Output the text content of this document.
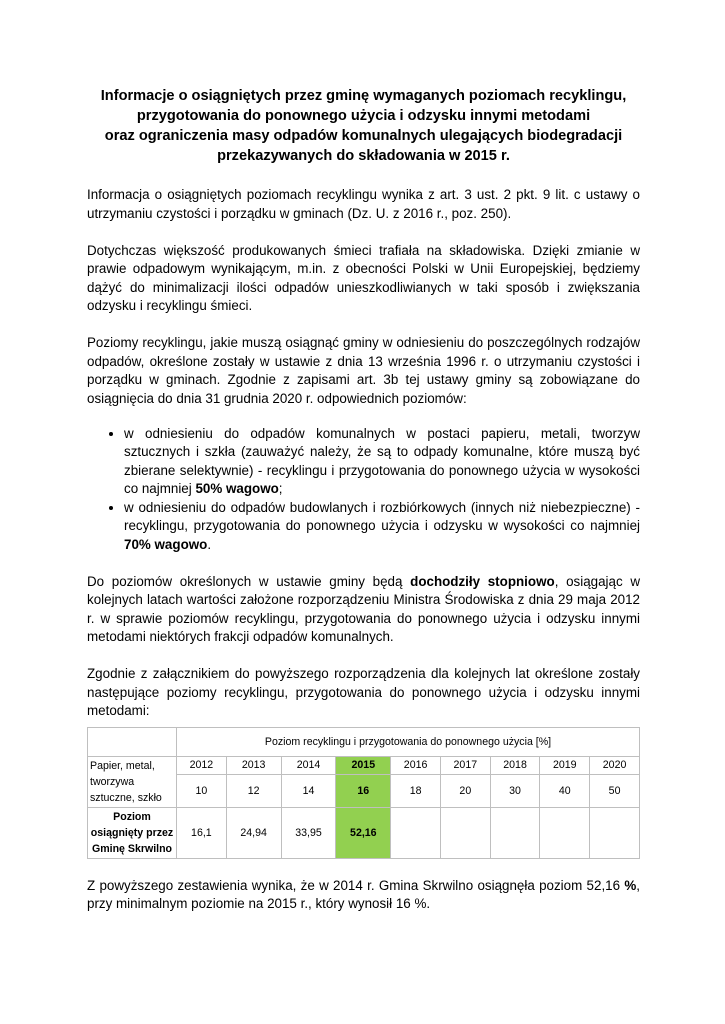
Informacje o osiągniętych przez gminę wymaganych poziomach recyklingu,
przygotowania do ponownego użycia i odzysku innymi metodami
oraz ograniczenia masy odpadów komunalnych ulegających biodegradacji
przekazywanych do składowania w 2015 r.

Informacja o osiągniętych poziomach recyklingu wynika z art. 3 ust. 2 pkt. 9 lit. c ustawy o utrzymaniu czystości i porządku w gminach (Dz. U. z 2016 r., poz. 250).

Dotychczas większość produkowanych śmieci trafiała na składowiska. Dzięki zmianie w prawie odpadowym wynikającym, m.in. z obecności Polski w Unii Europejskiej, będziemy dążyć do minimalizacji ilości odpadów unieszkodliwianych w taki sposób i zwiększania odzysku i recyklingu śmieci.

Poziomy recyklingu, jakie muszą osiągnąć gminy w odniesieniu do poszczególnych rodzajów odpadów, określone zostały w ustawie z dnia 13 września 1996 r. o utrzymaniu czystości i porządku w gminach. Zgodnie z zapisami art. 3b tej ustawy gminy są zobowiązane do osiągnięcia do dnia 31 grudnia 2020 r. odpowiednich poziomów:

• w odniesieniu do odpadów komunalnych w postaci papieru, metali, tworzyw sztucznych i szkła (zauważyć należy, że są to odpady komunalne, które muszą być zbierane selektywnie) - recyklingu i przygotowania do ponownego użycia w wysokości co najmniej 50% wagowo;
• w odniesieniu do odpadów budowlanych i rozbiórkowych (innych niż niebezpieczne) - recyklingu, przygotowania do ponownego użycia i odzysku w wysokości co najmniej 70% wagowo.

Do poziomów określonych w ustawie gminy będą dochodziły stopniowo, osiągając w kolejnych latach wartości założone rozporządzeniu Ministra Środowiska z dnia 29 maja 2012 r. w sprawie poziomów recyklingu, przygotowania do ponownego użycia i odzysku innymi metodami niektórych frakcji odpadów komunalnych.

Zgodnie z załącznikiem do powyższego rozporządzenia dla kolejnych lat określone zostały następujące poziomy recyklingu, przygotowania do ponownego użycia i odzysku innymi metodami:

	Poziom recyklingu i przygotowania do ponownego użycia [%]								
Papier, metal, tworzywa sztuczne, szkło	2012	2013	2014	2015	2016	2017	2018	2019	2020
	10	12	14	16	18	20	30	40	50
Poziom osiągnięty przez Gminę Skrwilno	16,1	24,94	33,95	52,16					

Z powyższego zestawienia wynika, że w 2014 r. Gmina Skrwilno osiągnęła poziom 52,16 %, przy minimalnym poziomie na 2015 r., który wynosił 16 %.
